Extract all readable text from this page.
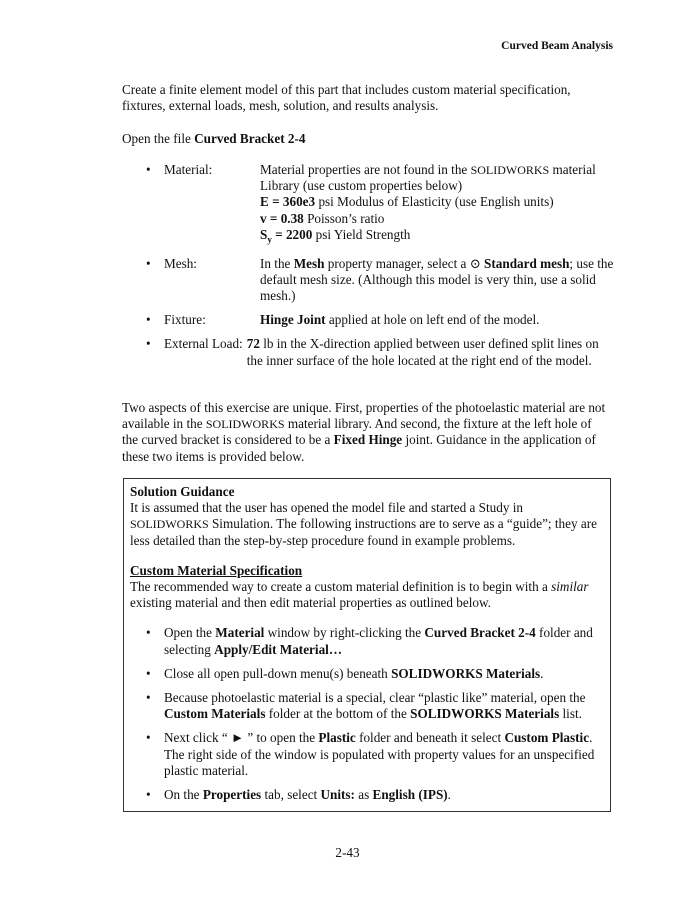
Curved Beam Analysis
Create a finite element model of this part that includes custom material specification, fixtures, external loads, mesh, solution, and results analysis.
Open the file Curved Bracket 2-4
• Material:	Material properties are not found in the SOLIDWORKS material Library (use custom properties below)
E = 360e3 psi Modulus of Elasticity (use English units)
v = 0.38 Poisson’s ratio
$S_y = 2200$ psi Yield Strength
• Mesh:	In the Mesh property manager, select a ⊙ Standard mesh; use the default mesh size. (Although this model is very thin, use a solid mesh.)
• Fixture:	Hinge Joint applied at hole on left end of the model.
• External Load: 72 lb in the X-direction applied between user defined split lines on the inner surface of the hole located at the right end of the model.
Two aspects of this exercise are unique. First, properties of the photoelastic material are not available in the SOLIDWORKS material library. And second, the fixture at the left hole of the curved bracket is considered to be a Fixed Hinge joint. Guidance in the application of these two items is provided below.
Solution Guidance
It is assumed that the user has opened the model file and started a Study in SOLIDWORKS Simulation. The following instructions are to serve as a “guide”; they are less detailed than the step-by-step procedure found in example problems.
Custom Material Specification
The recommended way to create a custom material definition is to begin with a similar existing material and then edit material properties as outlined below.
• Open the Material window by right-clicking the Curved Bracket 2-4 folder and selecting Apply/Edit Material…
• Close all open pull-down menu(s) beneath SOLIDWORKS Materials.
• Because photoelastic material is a special, clear “plastic like” material, open the Custom Materials folder at the bottom of the SOLIDWORKS Materials list.
• Next click “ ► ” to open the Plastic folder and beneath it select Custom Plastic. The right side of the window is populated with property values for an unspecified plastic material.
• On the Properties tab, select Units: as English (IPS).
2-43
